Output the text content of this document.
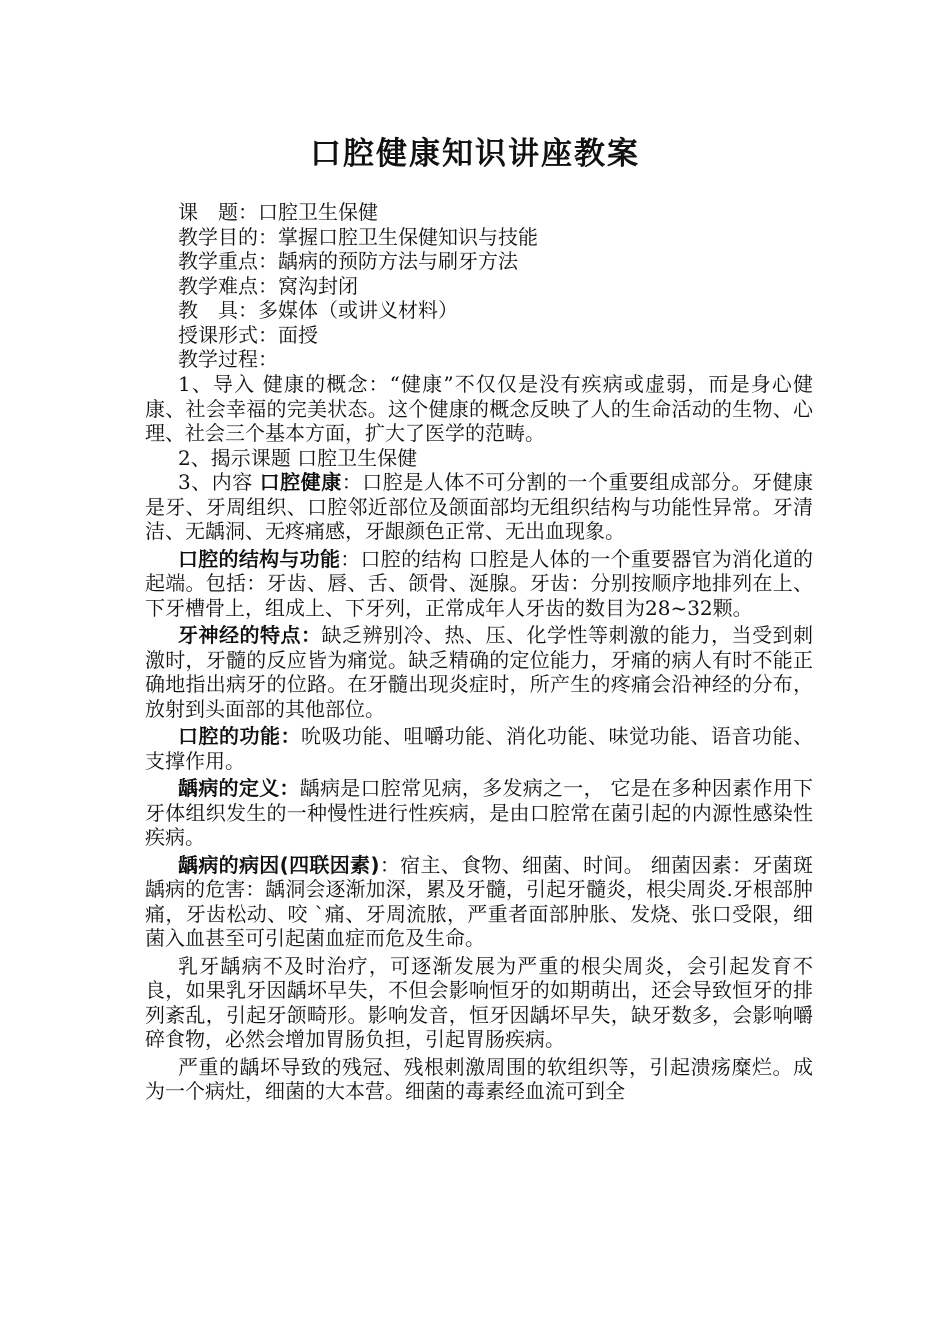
口腔健康知识讲座教案
课　题：口腔卫生保健
教学目的：掌握口腔卫生保健知识与技能
教学重点：龋病的预防方法与刷牙方法
教学难点：窝沟封闭
教　具：多媒体（或讲义材料）
授课形式：面授
教学过程：

1、导入 健康的概念：“健康”不仅仅是没有疾病或虚弱，而是身心健康、社会幸福的完美状态。这个健康的概念反映了人的生命活动的生物、心理、社会三个基本方面，扩大了医学的范畴。

2、揭示课题 口腔卫生保健

3、内容 口腔健康：口腔是人体不可分割的一个重要组成部分。牙健康是牙、牙周组织、口腔邻近部位及颌面部均无组织结构与功能性异常。牙清洁、无龋洞、无疼痛感，牙龈颜色正常、无出血现象。

口腔的结构与功能：口腔的结构 口腔是人体的一个重要器官为消化道的起端。包括：牙齿、唇、舌、颌骨、涎腺。牙齿：分别按顺序地排列在上、下牙槽骨上，组成上、下牙列，正常成年人牙齿的数目为28~32颗。

牙神经的特点：缺乏辨别冷、热、压、化学性等刺激的能力，当受到刺激时，牙髓的反应皆为痛觉。缺乏精确的定位能力，牙痛的病人有时不能正确地指出病牙的位路。在牙髓出现炎症时，所产生的疼痛会沿神经的分布，放射到头面部的其他部位。

口腔的功能：吮吸功能、咀嚼功能、消化功能、味觉功能、语音功能、支撑作用。

龋病的定义：龋病是口腔常见病，多发病之一， 它是在多种因素作用下牙体组织发生的一种慢性进行性疾病，是由口腔常在菌引起的内源性感染性疾病。

龋病的病因(四联因素)：宿主、食物、细菌、时间。 细菌因素：牙菌斑 龋病的危害：龋洞会逐渐加深，累及牙髓，引起牙髓炎，根尖周炎.牙根部肿痛，牙齿松动、咬 `痛、牙周流脓，严重者面部肿胀、发烧、张口受限，细菌入血甚至可引起菌血症而危及生命。

乳牙龋病不及时治疗，可逐渐发展为严重的根尖周炎，会引起发育不良，如果乳牙因龋坏早失，不但会影响恒牙的如期萌出，还会导致恒牙的排列紊乱，引起牙颌畸形。影响发音，恒牙因龋坏早失，缺牙数多，会影响嚼碎食物，必然会增加胃肠负担，引起胃肠疾病。

严重的龋坏导致的残冠、残根刺激周围的软组织等，引起溃疡糜烂。成为一个病灶，细菌的大本营。细菌的毒素经血流可到全
